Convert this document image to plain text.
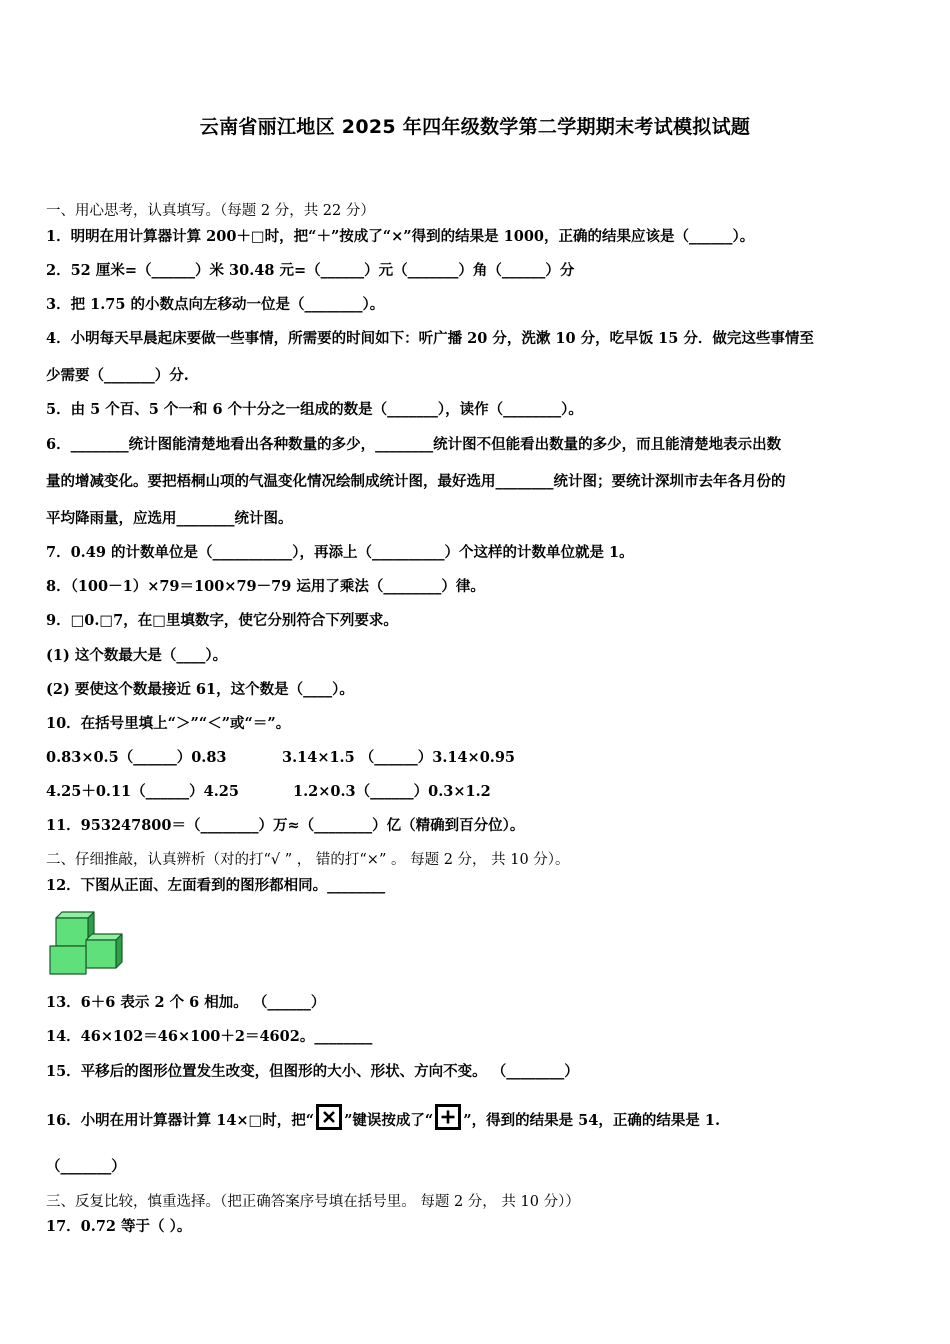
云南省丽江地区 2025 年四年级数学第二学期期末考试模拟试题
一、用心思考，认真填写。（每题 2 分，共 22 分）
1．明明在用计算器计算 200＋□时，把“＋”按成了“×”得到的结果是 1000，正确的结果应该是（______）。
2．52 厘米=（______）米 30.48 元=（______）元（_______）角（______）分
3．把 1.75 的小数点向左移动一位是（________）。
4．小明每天早晨起床要做一些事情，所需要的时间如下：听广播 20 分，洗漱 10 分，吃早饭 15 分．做完这些事情至
少需要（_______）分.
5．由 5 个百、5 个一和 6 个十分之一组成的数是（_______），读作（________）。
6．________统计图能清楚地看出各种数量的多少，________统计图不但能看出数量的多少，而且能清楚地表示出数
量的增减变化。要把梧桐山项的气温变化情况绘制成统计图，最好选用________统计图；要统计深圳市去年各月份的
平均降雨量，应选用________统计图。
7．0.49 的计数单位是（___________），再添上（__________）个这样的计数单位就是 1。
8．（100－1）×79＝100×79－79 运用了乘法（________）律。
9．□0.□7，在□里填数字，使它分别符合下列要求。
(1) 这个数最大是（____）。
(2) 要使这个数最接近 61，这个数是（____）。
10．在括号里填上“＞”“＜”或“＝”。
0.83×0.5（______）0.83	3.14×1.5 （______）3.14×0.95
4.25＋0.11（______）4.25	1.2×0.3（______）0.3×1.2
11．953247800＝（________）万≈（________）亿（精确到百分位）。
二、仔细推敲，认真辨析（对的打“√ ” ， 错的打“×” 。 每题 2 分， 共 10 分）。
12．下图从正面、左面看到的图形都相同。________
13．6＋6 表示 2 个 6 相加。 （______）
14．46×102＝46×100＋2＝4602。________
15．平移后的图形位置发生改变，但图形的大小、形状、方向不变。 （________）
16．小明在用计算器计算 14×□时，把“ ”键误按成了“ ”，得到的结果是 54，正确的结果是 1.
（_______）
三、反复比较，慎重选择。（把正确答案序号填在括号里。 每题 2 分， 共 10 分））
17．0.72 等于（ ）。
